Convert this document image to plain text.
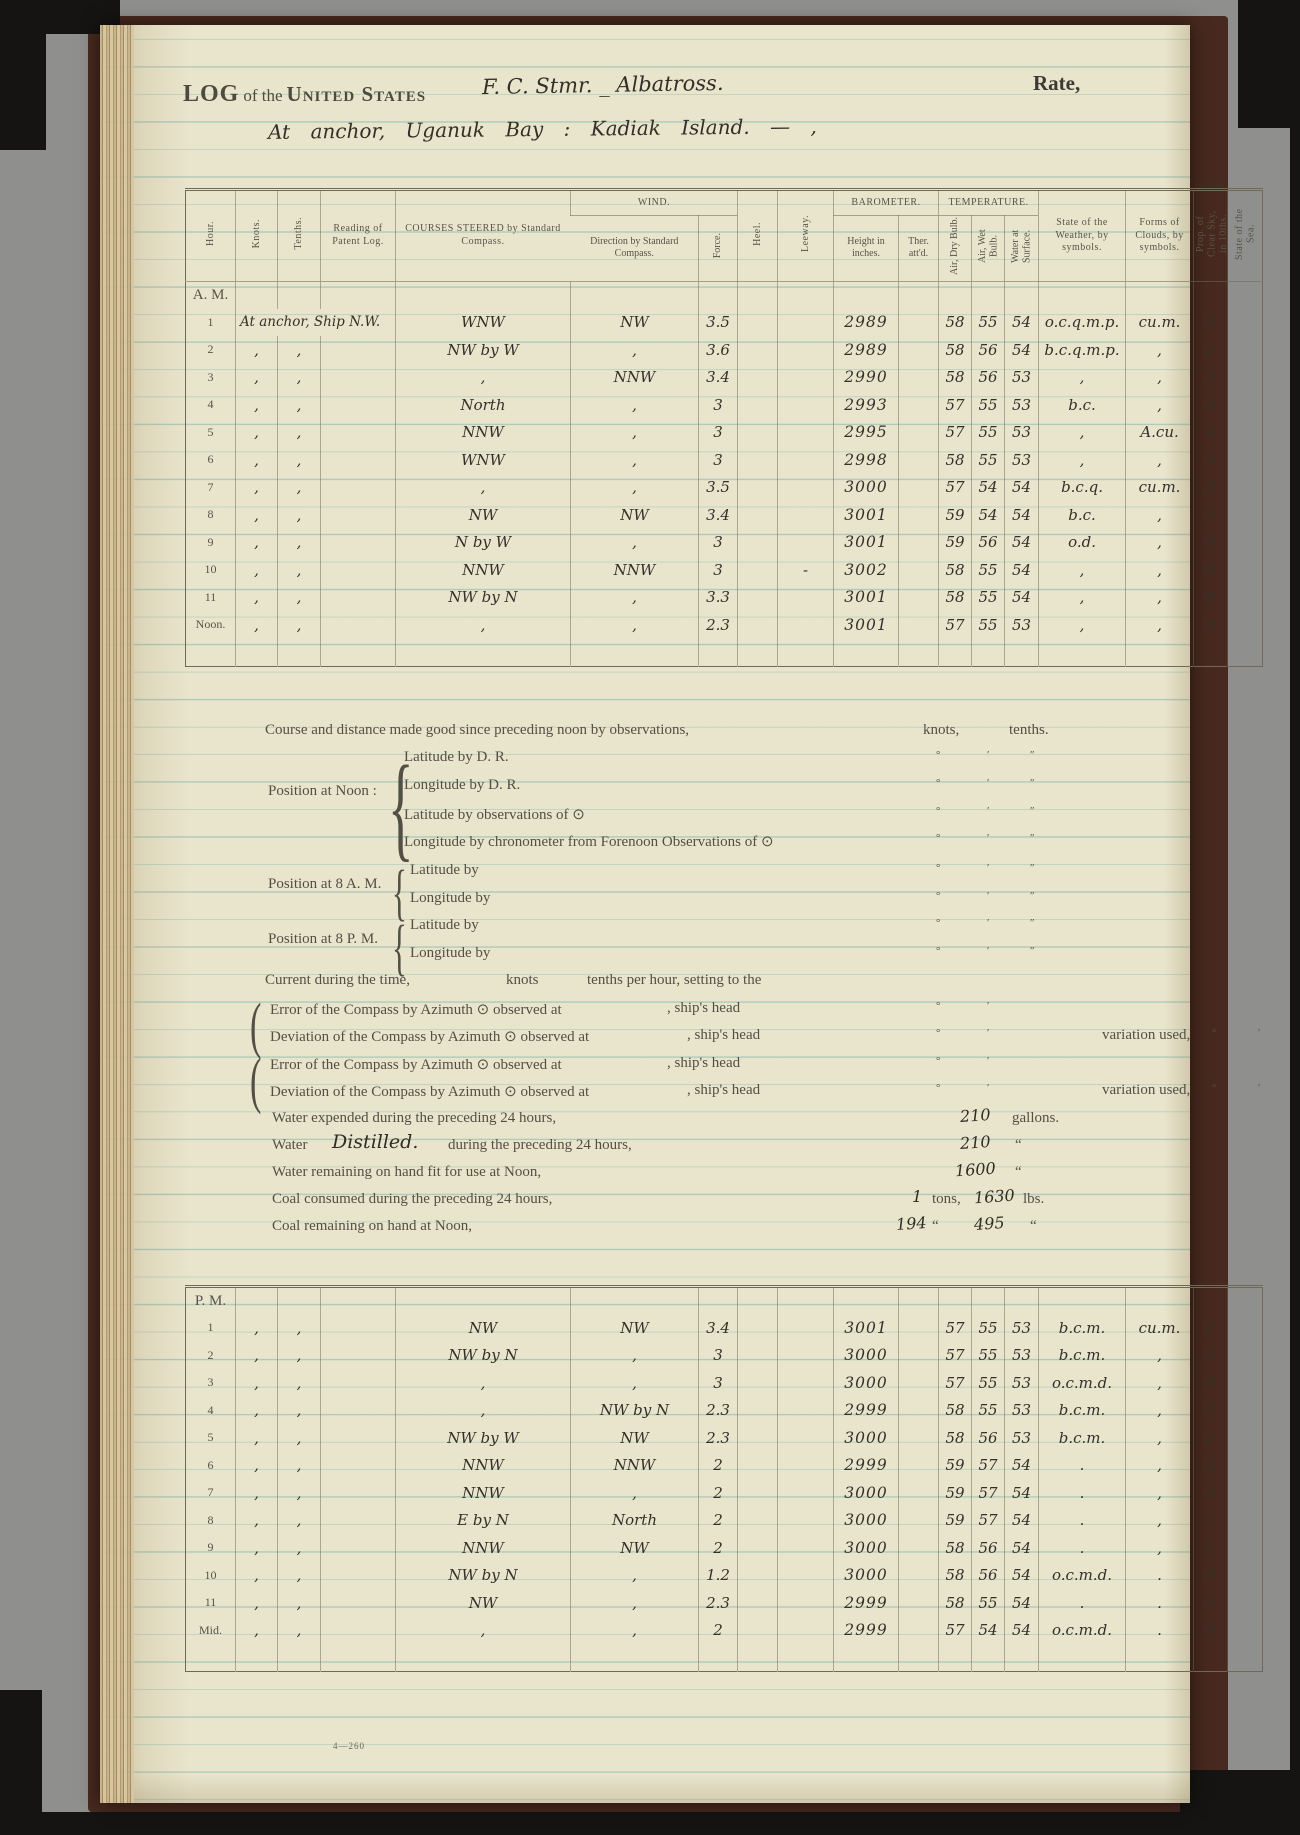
LOG of the United States	F. C. Stmr. _ Albatross.
At anchor, Uganuk Bay : Kadiak Island. — ,
Rate,
Hour.	Knots.	Tenths.	Reading of Patent Log.	COURSES STEERED by Standard Compass.	WIND.		Heel.	Leeway.	BAROMETER.		TEMPERATURE.			State of the Weather, by symbols.	Forms of Clouds, by symbols.	Prop. of Clear Sky, in 10ths.	State of the Sea.
					Direction by Standard Compass.	Force.			Height in inches.	Ther. att'd.	Air, Dry Bulb.	Air, Wet Bulb.	Water at Surface.				
A. M.																	
1	At anchor, Ship N.W.			WNW	NW	3.5			2989		58	55	54	o.c.q.m.p.	cu.m.	0	
2	,	,		NW by W	,	3.6			2989		58	56	54	b.c.q.m.p.	,	2	
3	,	,		,	NNW	3.4			2990		58	56	53	,	,	3	
4	,	,		North	,	3			2993		57	55	53	b.c.	,	3	
5	,	,		NNW	,	3			2995		57	55	53	,	A.cu.	4	
6	,	,		WNW	,	3			2998		58	55	53	,	,	5	
7	,	,		,	,	3.5			3000		57	54	54	b.c.q.	cu.m.	3	
8	,	,		NW	NW	3.4			3001		59	54	54	b.c.	,	3	
9	,	,		N by W	,	3			3001		59	56	54	o.d.	,	0	
10	,	,		NNW	NNW	3		-	3002		58	55	54	,	,	0	
11	,	,		NW by N	,	3.3			3001		58	55	54	,	,	0	
Noon.	,	,		,	,	2.3			3001		57	55	53	,	,	0	

Course and distance made good since preceding noon by observations,	knots,	tenths.
{
Position at Noon :
Latitude by D. R.	°	′	″
Longitude by D. R.	°	′	″
Latitude by observations of ⊙	°	′	″
Longitude by chronometer from Forenoon Observations of ⊙	°	′	″
{
Position at 8 A. M.
Latitude by	°	′	″
Longitude by	°	′	″
{
Position at 8 P. M.
Latitude by	°	′	″
Longitude by	°	′	″
Current during the time,	knots	tenths per hour, setting to the
( Error of the Compass by Azimuth ⊙ observed at	, ship's head	°	′
Deviation of the Compass by Azimuth ⊙ observed at	, ship's head	°	′	variation used, °	′
( Error of the Compass by Azimuth ⊙ observed at	, ship's head	°	′
Deviation of the Compass by Azimuth ⊙ observed at	, ship's head	°	′	variation used, °	′
Water expended during the preceding 24 hours,	210 gallons.
Water Distilled. during the preceding 24 hours,	210 “
Water remaining on hand fit for use at Noon,	1600 “
Coal consumed during the preceding 24 hours,	1 tons, 1630 lbs.
Coal remaining on hand at Noon,	194 “ 495 “
P. M.																	
1	,	,		NW	NW	3.4			3001		57	55	53	b.c.m.	cu.m.	2	
2	,	,		NW by N	,	3			3000		57	55	53	b.c.m.	,	2	
3	,	,		,	,	3			3000		57	55	53	o.c.m.d.	,	0	
4	,	,		,	NW by N	2.3			2999		58	55	53	b.c.m.	,	2	
5	,	,		NW by W	NW	2.3			3000		58	56	53	b.c.m.	,	2	
6	,	,		NNW	NNW	2			2999		59	57	54	.	,	2	
7	,	,		NNW	,	2			3000		59	57	54	.	,	2	
8	,	,		E by N	North	2			3000		59	57	54	.	,	1	
9	,	,		NNW	NW	2			3000		58	56	54	.	,	1	
10	,	,		NW by N	,	1.2			3000		58	56	54	o.c.m.d.	.	0	
11	,	,		NW	,	2.3			2999		58	55	54	.	.	0	
Mid.	,	,		,	,	2			2999		57	54	54	o.c.m.d.	.	0	

4—260
